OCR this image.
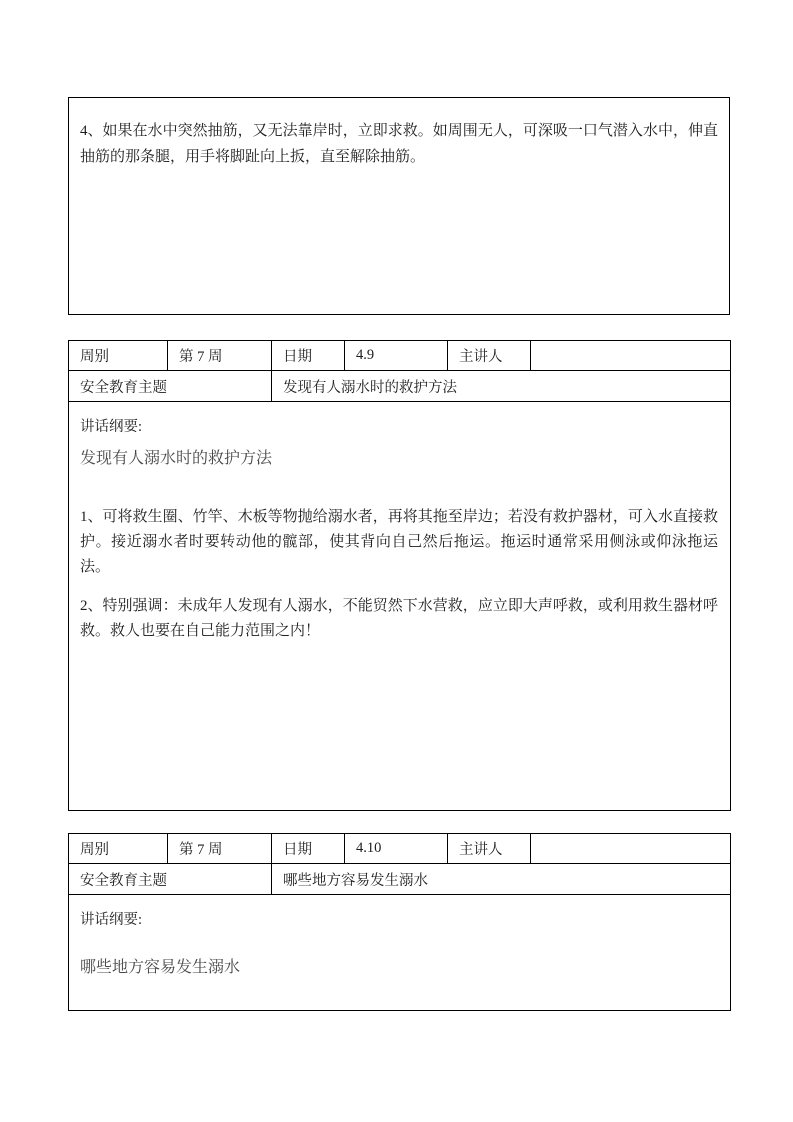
4、如果在水中突然抽筋，又无法靠岸时，立即求救。如周围无人，可深吸一口气潜入水中，伸直抽筋的那条腿，用手将脚趾向上扳，直至解除抽筋。

周别	第 7 周	日期	4.9	主讲人	
安全教育主题		发现有人溺水时的救护方法			

讲话纲要:

发现有人溺水时的救护方法

1、可将救生圈、竹竿、木板等物抛给溺水者，再将其拖至岸边；若没有救护器材，可入水直接救护。接近溺水者时要转动他的髋部，使其背向自己然后拖运。拖运时通常采用侧泳或仰泳拖运法。

2、特别强调：未成年人发现有人溺水，不能贸然下水营救，应立即大声呼救，或利用救生器材呼救。救人也要在自己能力范围之内！					

周别	第 7 周	日期	4.10	主讲人	
安全教育主题		哪些地方容易发生溺水			

讲话纲要:

哪些地方容易发生溺水					
